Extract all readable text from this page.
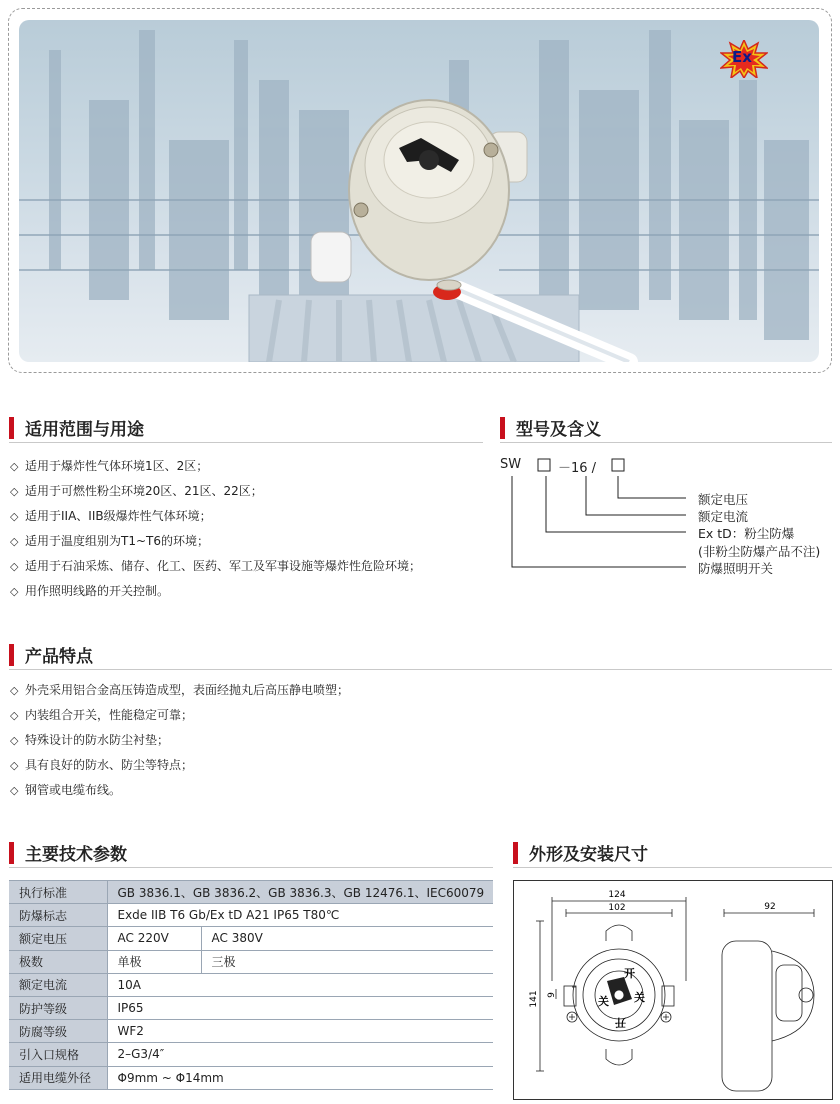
Ex
适用范围与用途
◇ 适用于爆炸性气体环境1区、2区；
◇ 适用于可燃性粉尘环境20区、21区、22区；
◇ 适用于IIA、IIB级爆炸性气体环境；
◇ 适用于温度组别为T1~T6的环境；
◇ 适用于石油采炼、储存、化工、医药、军工及军事设施等爆炸性危险环境；
◇ 用作照明线路的开关控制。
型号及含义
SW	－16 /
额定电压
额定电流
Ex tD：粉尘防爆
(非粉尘防爆产品不注)
防爆照明开关
产品特点
◇ 外壳采用铝合金高压铸造成型，表面经抛丸后高压静电喷塑；
◇ 内装组合开关，性能稳定可靠；
◇ 特殊设计的防水防尘衬垫；
◇ 具有良好的防水、防尘等特点；
◇ 钢管或电缆布线。
主要技术参数
执行标准	GB 3836.1、GB 3836.2、GB 3836.3、GB 12476.1、IEC60079	
防爆标志	Exde IIB T6 Gb/Ex tD A21 IP65 T80℃	
额定电压	AC 220V	AC 380V
极数	单极	三极
额定电流	10A	
防护等级	IP65	
防腐等级	WF2	
引入口规格	2–G3/4″	
适用电缆外径	Φ9mm ~ Φ14mm	
外形及安装尺寸
124
102	92
141 9
开
关 关
开
